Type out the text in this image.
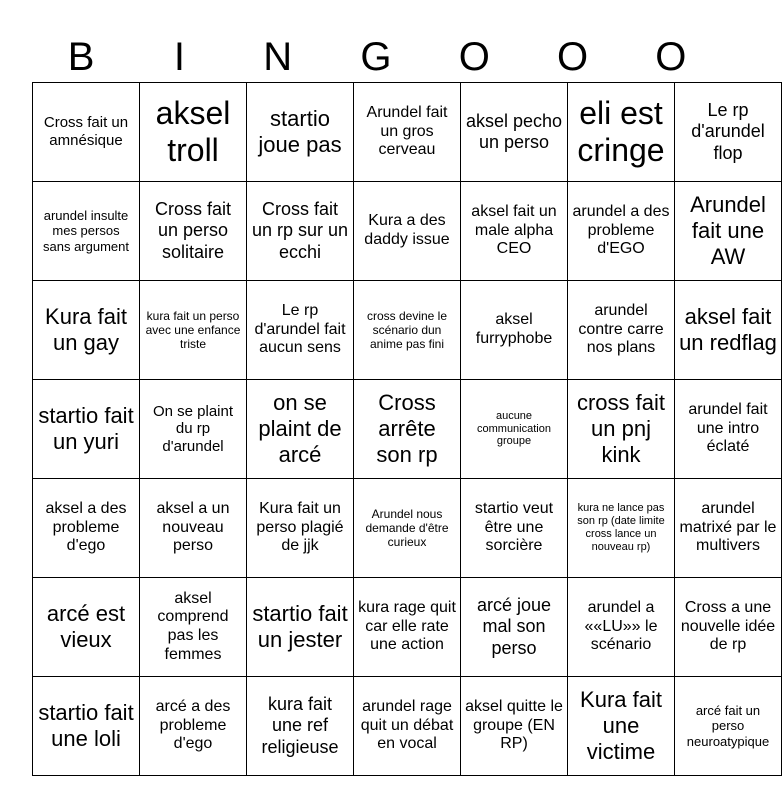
B	I	N	G	O	O	O
Cross fait un amnésique	aksel troll	startio joue pas	Arundel fait un gros cerveau	aksel pecho un perso	eli est cringe	Le rp d'arundel flop
arundel insulte mes persos sans argument	Cross fait un perso solitaire	Cross fait un rp sur un ecchi	Kura a des daddy issue	aksel fait un male alpha CEO	arundel a des probleme d'EGO	Arundel fait une AW
Kura fait un gay	kura fait un perso avec une enfance triste	Le rp d'arundel fait aucun sens	cross devine le scénario dun anime pas fini	aksel furryphobe	arundel contre carre nos plans	aksel fait un redflag
startio fait un yuri	On se plaint du rp d'arundel	on se plaint de arcé	Cross arrête son rp	aucune communication groupe	cross fait un pnj kink	arundel fait une intro éclaté
aksel a des probleme d'ego	aksel a un nouveau perso	Kura fait un perso plagié de jjk	Arundel nous demande d'être curieux	startio veut être une sorcière	kura ne lance pas son rp (date limite cross lance un nouveau rp)	arundel matrixé par le multivers
arcé est vieux	aksel comprend pas les femmes	startio fait un jester	kura rage quit car elle rate une action	arcé joue mal son perso	arundel a ««LU»» le scénario	Cross a une nouvelle idée de rp
startio fait une loli	arcé a des probleme d'ego	kura fait une ref religieuse	arundel rage quit un débat en vocal	aksel quitte le groupe (EN RP)	Kura fait une victime	arcé fait un perso neuroatypique
